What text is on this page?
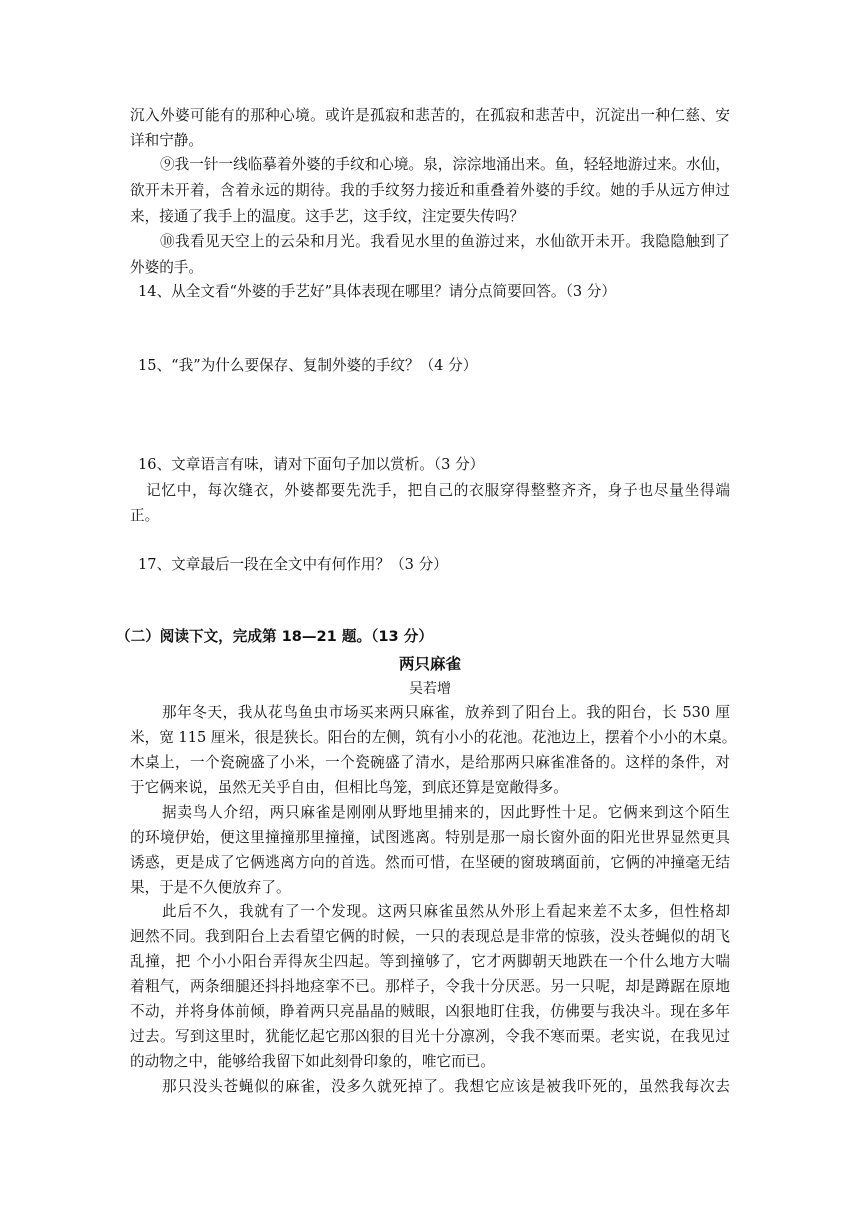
沉入外婆可能有的那种心境。或许是孤寂和悲苦的，在孤寂和悲苦中，沉淀出一种仁慈、安
详和宁静。
⑨我一针一线临摹着外婆的手纹和心境。泉，淙淙地涌出来。鱼，轻轻地游过来。水仙，
欲开未开着，含着永远的期待。我的手纹努力接近和重叠着外婆的手纹。她的手从远方伸过
来，接通了我手上的温度。这手艺，这手纹，注定要失传吗？
⑩我看见天空上的云朵和月光。我看见水里的鱼游过来，水仙欲开未开。我隐隐触到了
外婆的手。
14、从全文看“外婆的手艺好”具体表现在哪里？请分点简要回答。（3 分）
15、“我”为什么要保存、复制外婆的手纹？（4 分）
16、文章语言有味，请对下面句子加以赏析。（3 分）
记忆中，每次缝衣，外婆都要先洗手，把自己的衣服穿得整整齐齐，身子也尽量坐得端
正。
17、文章最后一段在全文中有何作用？（3 分）
（二）阅读下文，完成第 18—21 题。（13 分）
两只麻雀
吴若增
那年冬天，我从花鸟鱼虫市场买来两只麻雀，放养到了阳台上。我的阳台，长 530 厘
米，宽 115 厘米，很是狭长。阳台的左侧，筑有小小的花池。花池边上，摆着个小小的木桌。
木桌上，一个瓷碗盛了小米，一个瓷碗盛了清水，是给那两只麻雀准备的。这样的条件，对
于它俩来说，虽然无关乎自由，但相比鸟笼，到底还算是宽敞得多。
据卖鸟人介绍，两只麻雀是刚刚从野地里捕来的，因此野性十足。它俩来到这个陌生
的环境伊始，便这里撞撞那里撞撞，试图逃离。特别是那一扇长窗外面的阳光世界显然更具
诱惑，更是成了它俩逃离方向的首选。然而可惜，在坚硬的窗玻璃面前，它俩的冲撞毫无结
果，于是不久便放弃了。
此后不久，我就有了一个发现。这两只麻雀虽然从外形上看起来差不太多，但性格却
迥然不同。我到阳台上去看望它俩的时候，一只的表现总是非常的惊骇，没头苍蝇似的胡飞
乱撞，把 个小小阳台弄得灰尘四起。等到撞够了，它才两脚朝天地跌在一个什么地方大喘
着粗气，两条细腿还抖抖地痉挛不已。那样子，令我十分厌恶。另一只呢，却是蹲踞在原地
不动，并将身体前倾，睁着两只亮晶晶的贼眼，凶狠地盯住我，仿佛要与我决斗。现在多年
过去。写到这里时，犹能忆起它那凶狠的目光十分凛冽，令我不寒而栗。老实说，在我见过
的动物之中，能够给我留下如此刻骨印象的，唯它而已。
那只没头苍蝇似的麻雀，没多久就死掉了。我想它应该是被我吓死的，虽然我每次去
